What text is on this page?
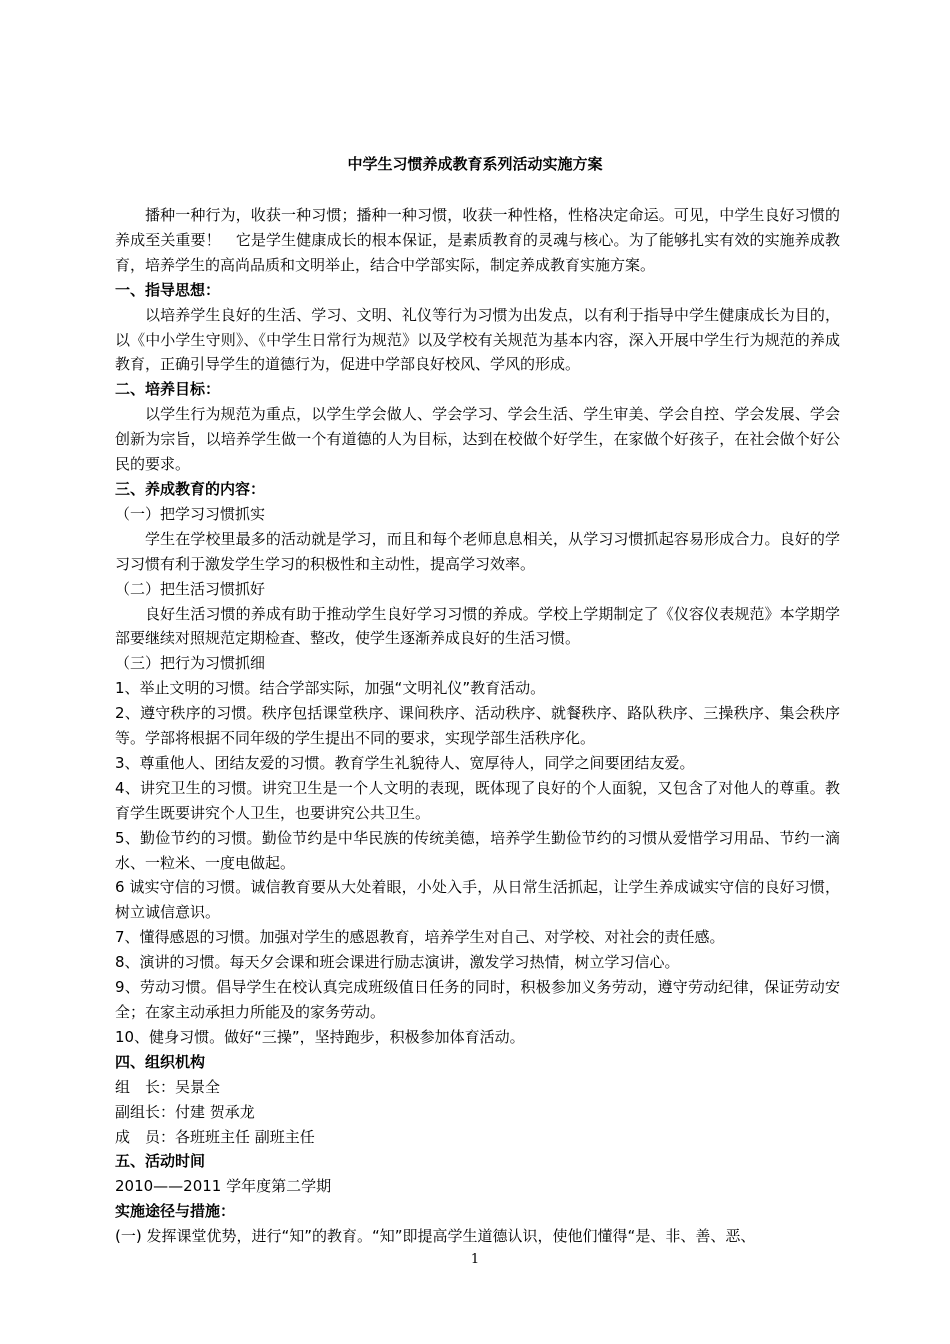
中学生习惯养成教育系列活动实施方案

播种一种行为，收获一种习惯；播种一种习惯，收获一种性格，性格决定命运。可见，中学生良好习惯的养成至关重要！　它是学生健康成长的根本保证，是素质教育的灵魂与核心。为了能够扎实有效的实施养成教育，培养学生的高尚品质和文明举止，结合中学部实际，制定养成教育实施方案。

一、指导思想：

以培养学生良好的生活、学习、文明、礼仪等行为习惯为出发点，以有利于指导中学生健康成长为目的，以《中小学生守则》、《中学生日常行为规范》以及学校有关规范为基本内容，深入开展中学生行为规范的养成教育，正确引导学生的道德行为，促进中学部良好校风、学风的形成。

二、培养目标：

以学生行为规范为重点，以学生学会做人、学会学习、学会生活、学生审美、学会自控、学会发展、学会创新为宗旨，以培养学生做一个有道德的人为目标，达到在校做个好学生，在家做个好孩子，在社会做个好公民的要求。

三、养成教育的内容：

（一）把学习习惯抓实

学生在学校里最多的活动就是学习，而且和每个老师息息相关，从学习习惯抓起容易形成合力。良好的学习习惯有利于激发学生学习的积极性和主动性，提高学习效率。

（二）把生活习惯抓好

良好生活习惯的养成有助于推动学生良好学习习惯的养成。学校上学期制定了《仪容仪表规范》本学期学部要继续对照规范定期检查、整改，使学生逐渐养成良好的生活习惯。

（三）把行为习惯抓细

1、举止文明的习惯。结合学部实际，加强“文明礼仪”教育活动。

2、遵守秩序的习惯。秩序包括课堂秩序、课间秩序、活动秩序、就餐秩序、路队秩序、三操秩序、集会秩序等。学部将根据不同年级的学生提出不同的要求，实现学部生活秩序化。

3、尊重他人、团结友爱的习惯。教育学生礼貌待人、宽厚待人，同学之间要团结友爱。

4、讲究卫生的习惯。讲究卫生是一个人文明的表现，既体现了良好的个人面貌，又包含了对他人的尊重。教育学生既要讲究个人卫生，也要讲究公共卫生。

5、勤俭节约的习惯。勤俭节约是中华民族的传统美德，培养学生勤俭节约的习惯从爱惜学习用品、节约一滴水、一粒米、一度电做起。

6 诚实守信的习惯。诚信教育要从大处着眼，小处入手，从日常生活抓起，让学生养成诚实守信的良好习惯，树立诚信意识。

7、懂得感恩的习惯。加强对学生的感恩教育，培养学生对自己、对学校、对社会的责任感。

8、演讲的习惯。每天夕会课和班会课进行励志演讲，激发学习热情，树立学习信心。

9、劳动习惯。倡导学生在校认真完成班级值日任务的同时，积极参加义务劳动，遵守劳动纪律，保证劳动安全；在家主动承担力所能及的家务劳动。

10、健身习惯。做好“三操”，坚持跑步，积极参加体育活动。

四、组织机构

组　长：吴景全

副组长：付建 贺承龙

成　员：各班班主任 副班主任

五、活动时间

2010——2011 学年度第二学期

实施途径与措施：

(一) 发挥课堂优势，进行“知”的教育。“知”即提高学生道德认识，使他们懂得“是、非、善、恶、

1
